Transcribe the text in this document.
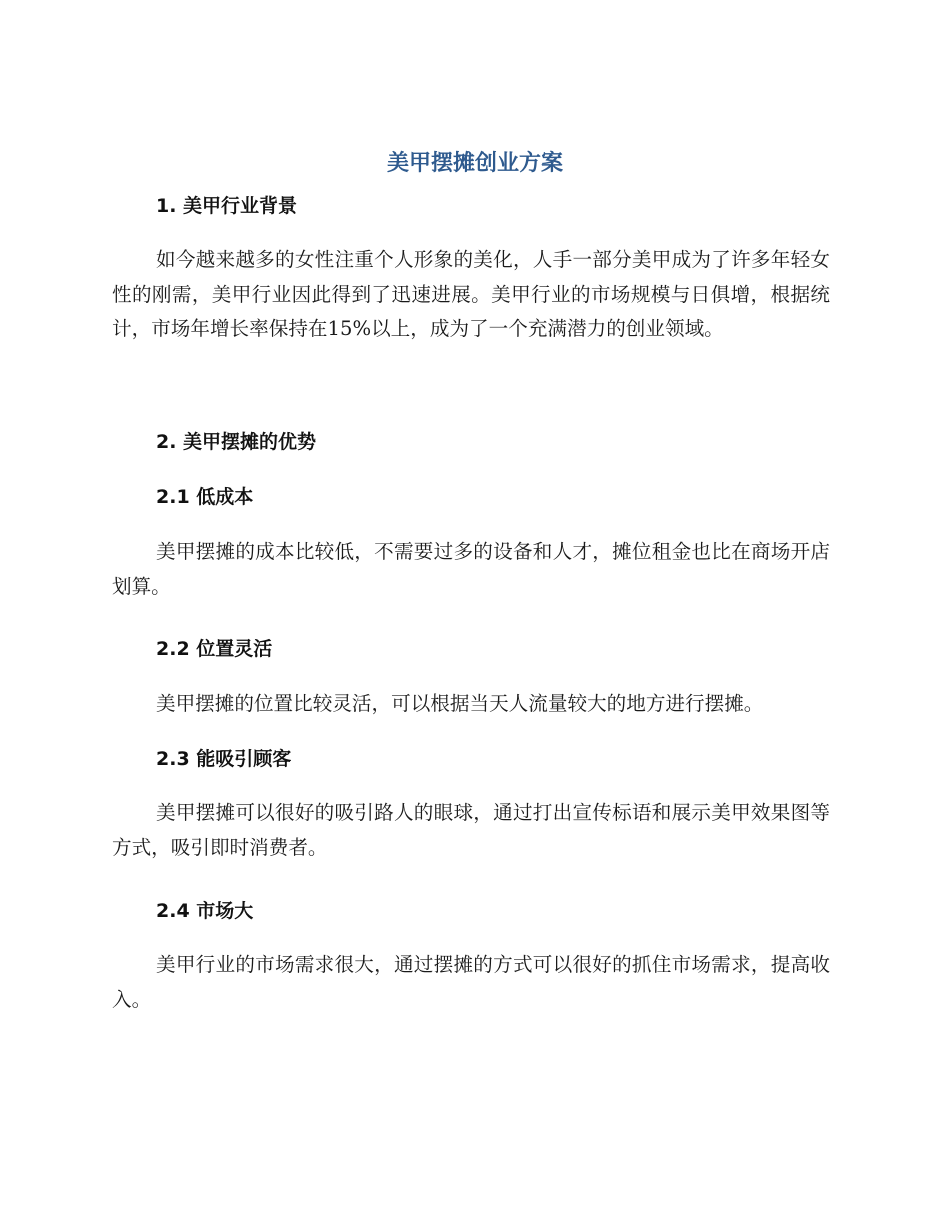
美甲摆摊创业方案
1. 美甲行业背景

如今越来越多的女性注重个人形象的美化，人手一部分美甲成为了许多年轻女性的刚需，美甲行业因此得到了迅速进展。美甲行业的市场规模与日俱增，根据统计，市场年增长率保持在15%以上，成为了一个充满潜力的创业领域。

2. 美甲摆摊的优势
2.1 低成本

美甲摆摊的成本比较低，不需要过多的设备和人才，摊位租金也比在商场开店划算。

2.2 位置灵活

美甲摆摊的位置比较灵活，可以根据当天人流量较大的地方进行摆摊。

2.3 能吸引顾客

美甲摆摊可以很好的吸引路人的眼球，通过打出宣传标语和展示美甲效果图等方式，吸引即时消费者。

2.4 市场大

美甲行业的市场需求很大，通过摆摊的方式可以很好的抓住市场需求，提高收入。
